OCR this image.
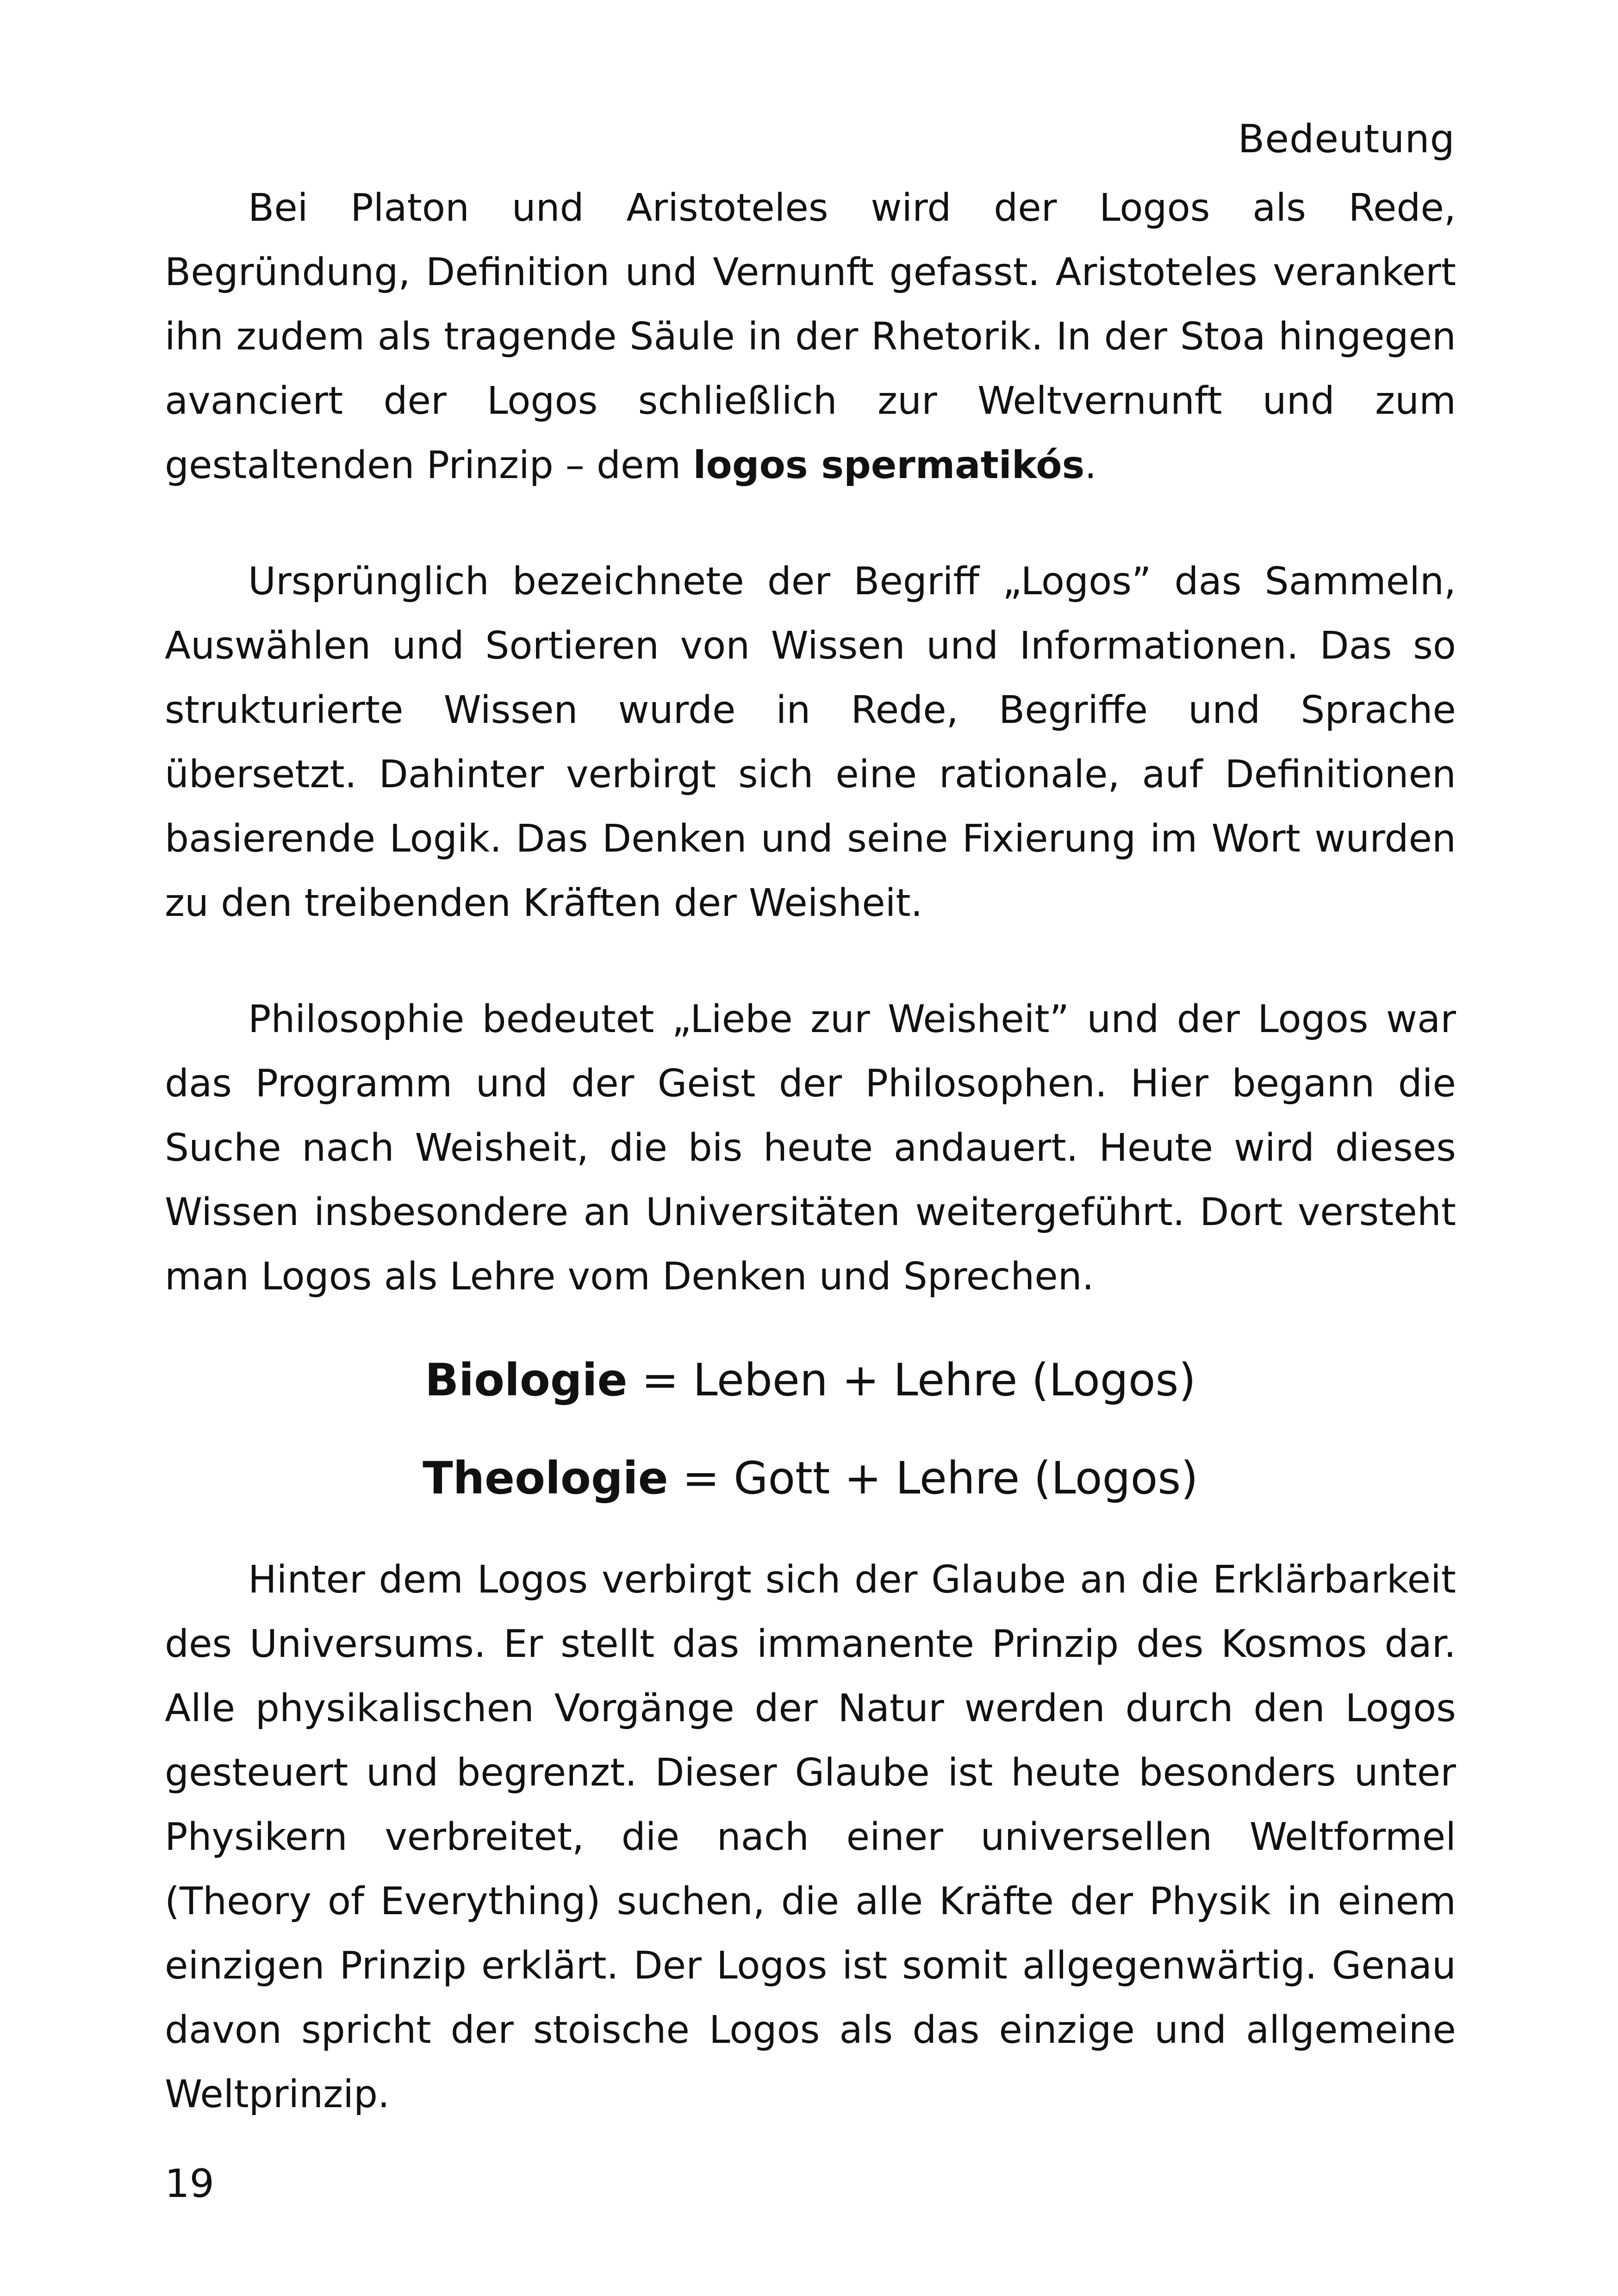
Bedeutung

Bei Platon und Aristoteles wird der Logos als Rede, Begründung, Definition und Vernunft gefasst. Aristoteles verankert ihn zudem als tragende Säule in der Rhetorik. In der Stoa hingegen avanciert der Logos schließlich zur Weltvernunft und zum gestaltenden Prinzip – dem logos spermatikós.

Ursprünglich bezeichnete der Begriff „Logos” das Sammeln, Auswählen und Sortieren von Wissen und Informationen. Das so strukturierte Wissen wurde in Rede, Begriffe und Sprache übersetzt. Dahinter verbirgt sich eine rationale, auf Definitionen basierende Logik. Das Denken und seine Fixierung im Wort wurden zu den treibenden Kräften der Weisheit.

Philosophie bedeutet „Liebe zur Weisheit” und der Logos war das Programm und der Geist der Philosophen. Hier begann die Suche nach Weisheit, die bis heute andauert. Heute wird dieses Wissen insbesondere an Universitäten weitergeführt. Dort versteht man Logos als Lehre vom Denken und Sprechen.

Biologie = Leben + Lehre (Logos)

Theologie = Gott + Lehre (Logos)

Hinter dem Logos verbirgt sich der Glaube an die Erklärbarkeit des Universums. Er stellt das immanente Prinzip des Kosmos dar. Alle physikalischen Vorgänge der Natur werden durch den Logos gesteuert und begrenzt. Dieser Glaube ist heute besonders unter Physikern verbreitet, die nach einer universellen Weltformel (Theory of Everything) suchen, die alle Kräfte der Physik in einem einzigen Prinzip erklärt. Der Logos ist somit allgegenwärtig. Genau davon spricht der stoische Logos als das einzige und allgemeine Weltprinzip.

19
